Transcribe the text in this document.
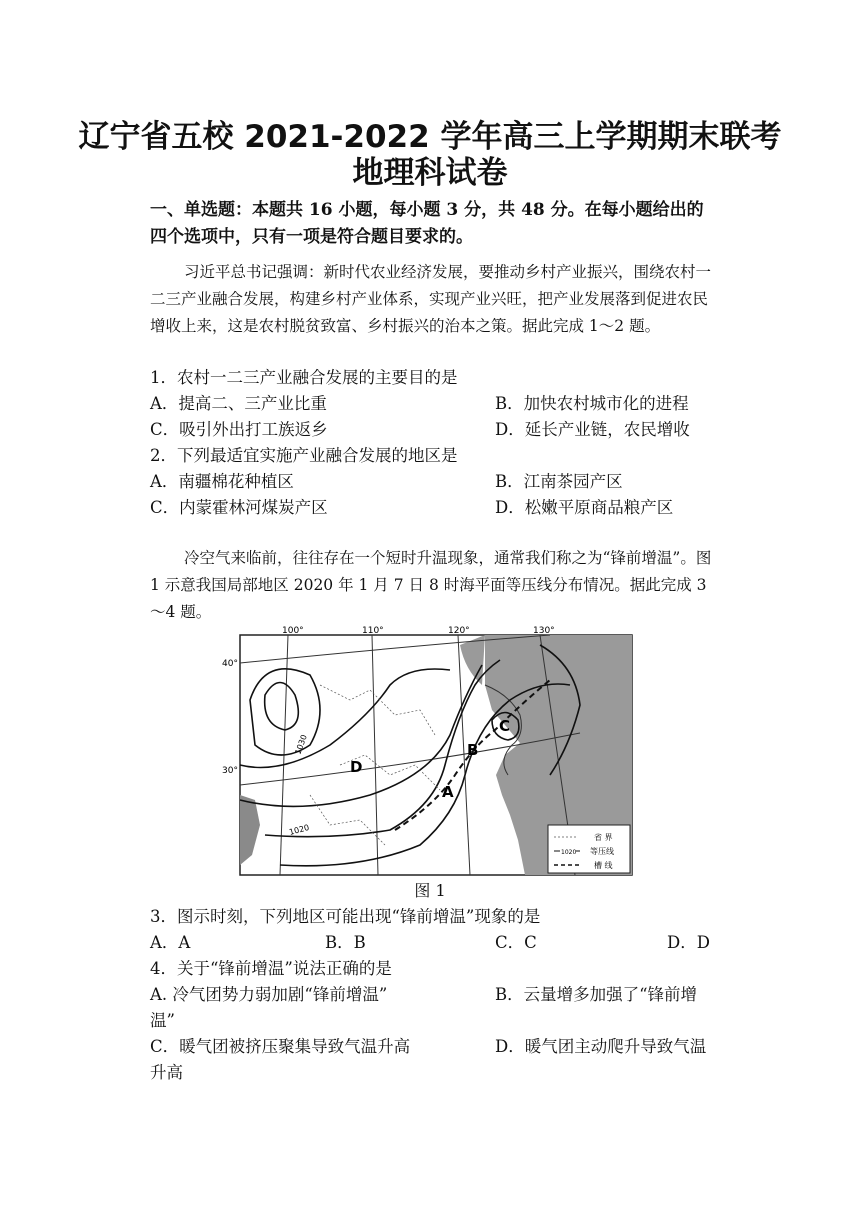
辽宁省五校 2021-2022 学年高三上学期期末联考
地理科试卷
一、单选题：本题共 16 小题，每小题 3 分，共 48 分。在每小题给出的四个选项中，只有一项是符合题目要求的。
习近平总书记强调：新时代农业经济发展，要推动乡村产业振兴，围绕农村一二三产业融合发展，构建乡村产业体系，实现产业兴旺，把产业发展落到促进农民增收上来，这是农村脱贫致富、乡村振兴的治本之策。据此完成 1～2 题。
1．农村一二三产业融合发展的主要目的是
A．提高二、三产业比重	B．加快农村城市化的进程
C．吸引外出打工族返乡	D．延长产业链，农民增收
2．下列最适宜实施产业融合发展的地区是
A．南疆棉花种植区	B．江南茶园产区
C．内蒙霍林河煤炭产区	D．松嫩平原商品粮产区
冷空气来临前，往往存在一个短时升温现象，通常我们称之为“锋前增温”。图 1 示意我国局部地区 2020 年 1 月 7 日 8 时海平面等压线分布情况。据此完成 3～4 题。
100°	110°	120°	130°
40°
30°
1030
1020
A
B
C
D
省 界
1020 等压线
槽 线
图 1
3．图示时刻，下列地区可能出现“锋前增温”现象的是
A．A	B．B	C．C	D．D
4．关于“锋前增温”说法正确的是
A. 冷气团势力弱加剧“锋前增温”	B．云量增多加强了“锋前增
温”
C．暖气团被挤压聚集导致气温升高	D．暖气团主动爬升导致气温
升高
